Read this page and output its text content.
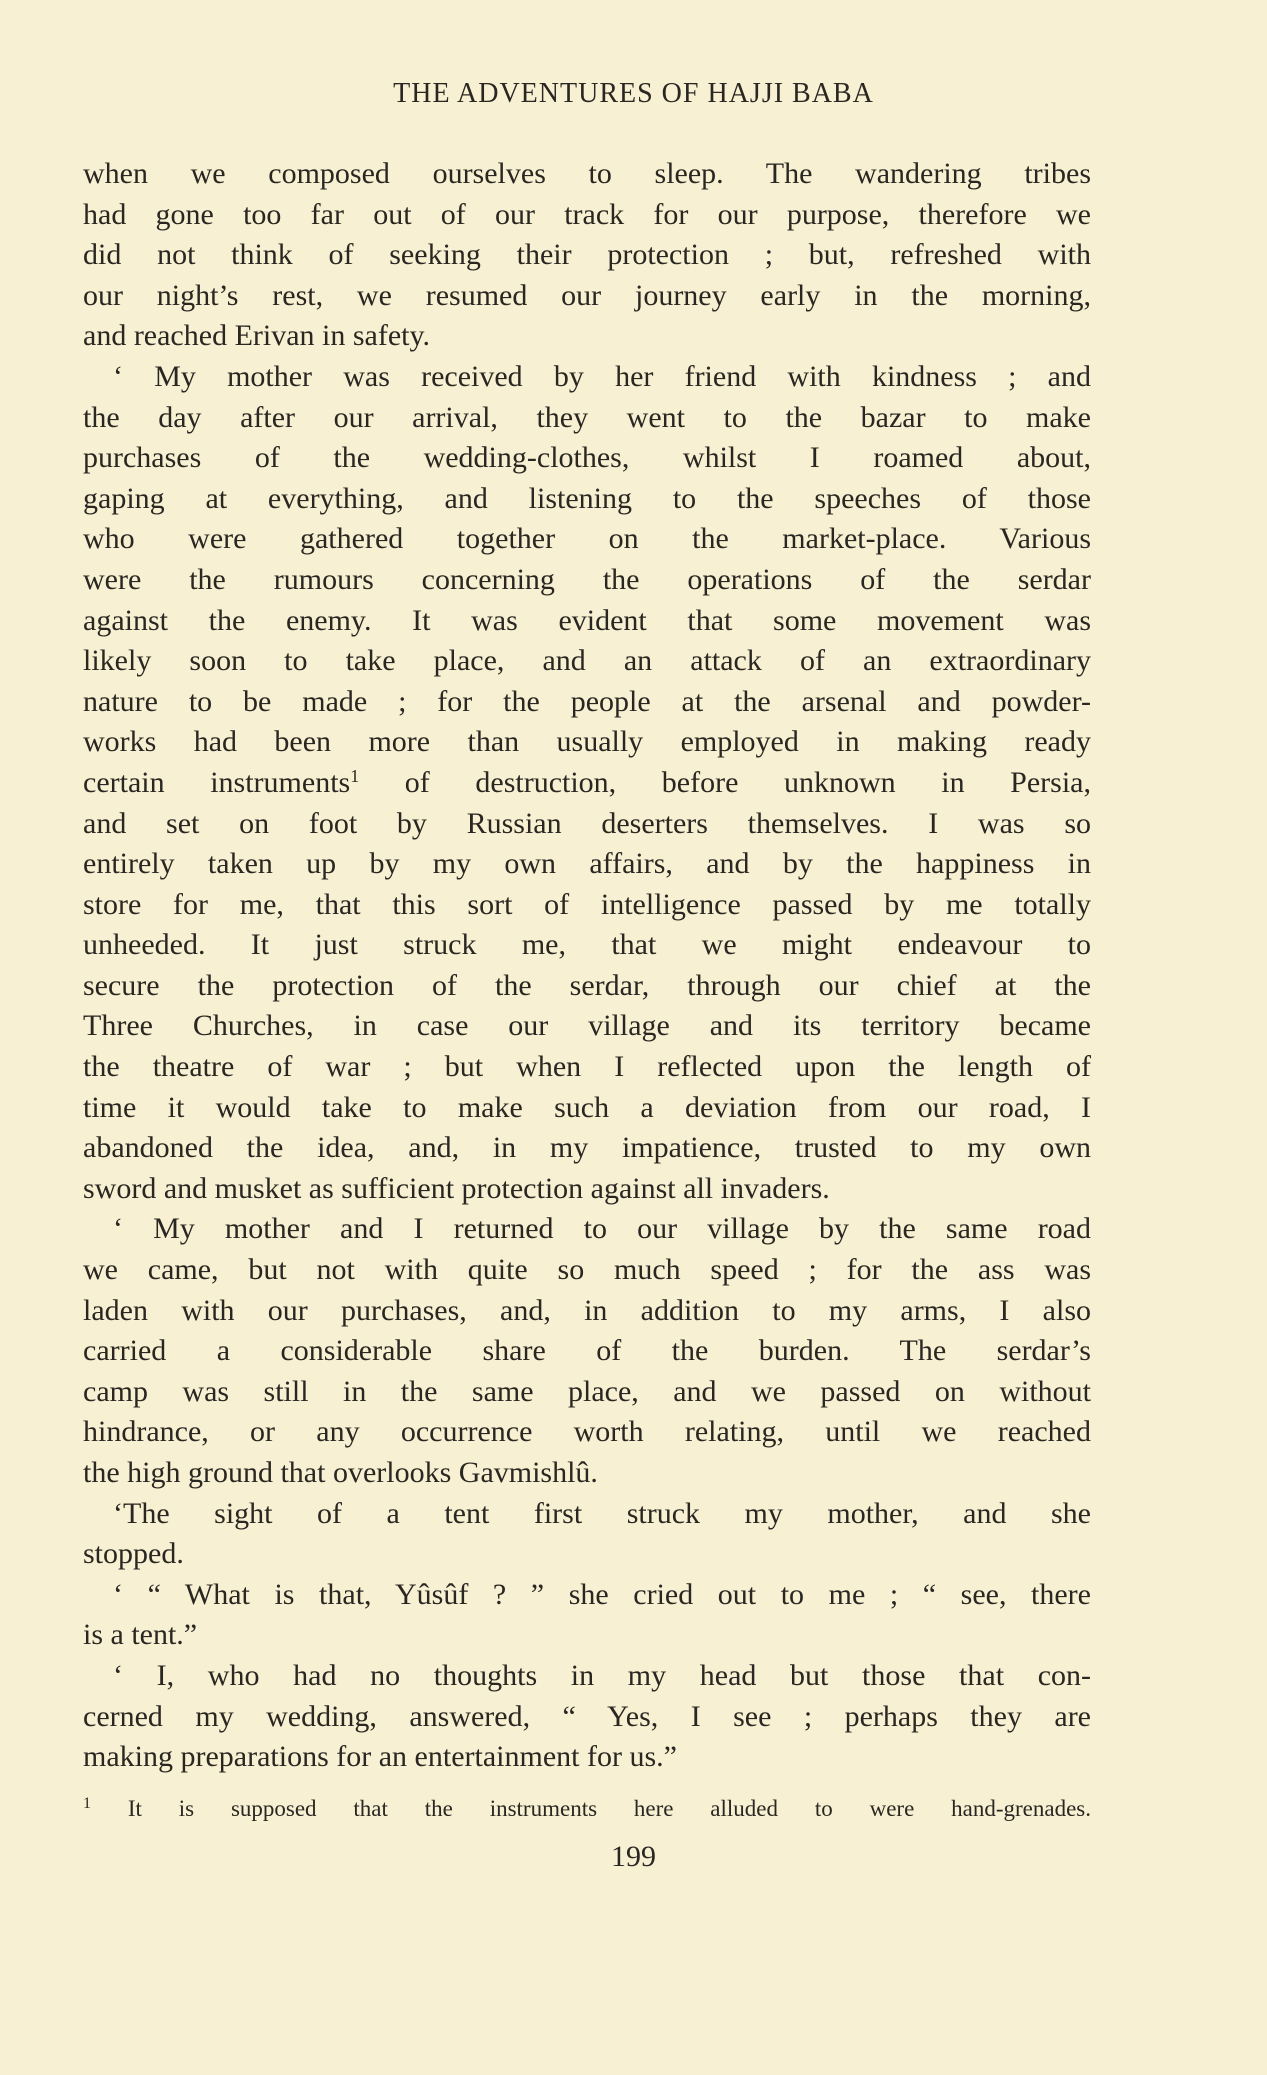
THE ADVENTURES OF HAJJI BABA
when we composed ourselves to sleep. The wandering tribes
had gone too far out of our track for our purpose, therefore we
did not think of seeking their protection ; but, refreshed with
our night’s rest, we resumed our journey early in the morning,
and reached Erivan in safety.
‘ My mother was received by her friend with kindness ; and
the day after our arrival, they went to the bazar to make
purchases of the wedding-clothes, whilst I roamed about,
gaping at everything, and listening to the speeches of those
who were gathered together on the market-place. Various
were the rumours concerning the operations of the serdar
against the enemy. It was evident that some movement was
likely soon to take place, and an attack of an extraordinary
nature to be made ; for the people at the arsenal and powder-
works had been more than usually employed in making ready
certain instruments$^1$ of destruction, before unknown in Persia,
and set on foot by Russian deserters themselves. I was so
entirely taken up by my own affairs, and by the happiness in
store for me, that this sort of intelligence passed by me totally
unheeded. It just struck me, that we might endeavour to
secure the protection of the serdar, through our chief at the
Three Churches, in case our village and its territory became
the theatre of war ; but when I reflected upon the length of
time it would take to make such a deviation from our road, I
abandoned the idea, and, in my impatience, trusted to my own
sword and musket as sufficient protection against all invaders.
‘ My mother and I returned to our village by the same road
we came, but not with quite so much speed ; for the ass was
laden with our purchases, and, in addition to my arms, I also
carried a considerable share of the burden. The serdar’s
camp was still in the same place, and we passed on without
hindrance, or any occurrence worth relating, until we reached
the high ground that overlooks Gavmishlû.
‘The sight of a tent first struck my mother, and she
stopped.
‘ “ What is that, Yûsûf ? ” she cried out to me ; “ see, there
is a tent.”
‘ I, who had no thoughts in my head but those that con-
cerned my wedding, answered, “ Yes, I see ; perhaps they are
making preparations for an entertainment for us.”
$^1$ It is supposed that the instruments here alluded to were hand-grenades.
199
